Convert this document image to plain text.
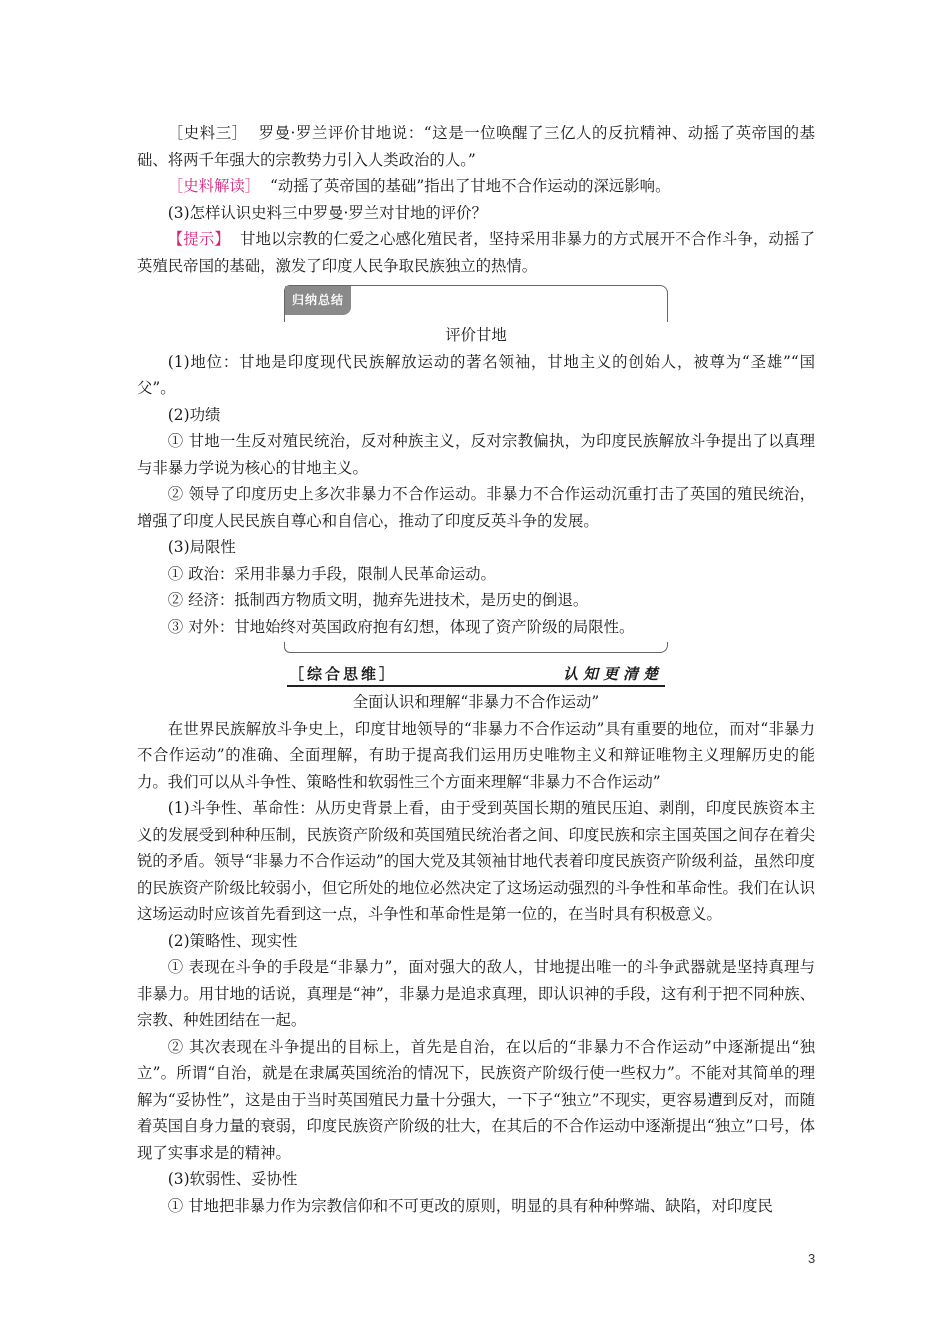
［史料三］ 罗曼·罗兰评价甘地说：“这是一位唤醒了三亿人的反抗精神、动摇了英帝国的基础、将两千年强大的宗教势力引入人类政治的人。”

［史料解读］ “动摇了英帝国的基础”指出了甘地不合作运动的深远影响。

(3)怎样认识史料三中罗曼·罗兰对甘地的评价？

【提示】 甘地以宗教的仁爱之心感化殖民者，坚持采用非暴力的方式展开不合作斗争，动摇了英殖民帝国的基础，激发了印度人民争取民族独立的热情。

归纳总结

评价甘地

(1)地位：甘地是印度现代民族解放运动的著名领袖，甘地主义的创始人，被尊为“圣雄”“国父”。

(2)功绩

① 甘地一生反对殖民统治，反对种族主义，反对宗教偏执，为印度民族解放斗争提出了以真理与非暴力学说为核心的甘地主义。

② 领导了印度历史上多次非暴力不合作运动。非暴力不合作运动沉重打击了英国的殖民统治，增强了印度人民民族自尊心和自信心，推动了印度反英斗争的发展。

(3)局限性

① 政治：采用非暴力手段，限制人民革命运动。

② 经济：抵制西方物质文明，抛弃先进技术，是历史的倒退。

③ 对外：甘地始终对英国政府抱有幻想，体现了资产阶级的局限性。

［综合思维］	认知更清楚

全面认识和理解“非暴力不合作运动”

在世界民族解放斗争史上，印度甘地领导的“非暴力不合作运动”具有重要的地位，而对“非暴力不合作运动”的准确、全面理解，有助于提高我们运用历史唯物主义和辩证唯物主义理解历史的能力。我们可以从斗争性、策略性和软弱性三个方面来理解“非暴力不合作运动”

(1)斗争性、革命性：从历史背景上看，由于受到英国长期的殖民压迫、剥削，印度民族资本主义的发展受到种种压制，民族资产阶级和英国殖民统治者之间、印度民族和宗主国英国之间存在着尖锐的矛盾。领导“非暴力不合作运动”的国大党及其领袖甘地代表着印度民族资产阶级利益，虽然印度的民族资产阶级比较弱小，但它所处的地位必然决定了这场运动强烈的斗争性和革命性。我们在认识这场运动时应该首先看到这一点，斗争性和革命性是第一位的，在当时具有积极意义。

(2)策略性、现实性

① 表现在斗争的手段是“非暴力”，面对强大的敌人，甘地提出唯一的斗争武器就是坚持真理与非暴力。用甘地的话说，真理是“神”，非暴力是追求真理，即认识神的手段，这有利于把不同种族、宗教、种姓团结在一起。

② 其次表现在斗争提出的目标上，首先是自治，在以后的“非暴力不合作运动”中逐渐提出“独立”。所谓“自治，就是在隶属英国统治的情况下，民族资产阶级行使一些权力”。不能对其简单的理解为“妥协性”，这是由于当时英国殖民力量十分强大，一下子“独立”不现实，更容易遭到反对，而随着英国自身力量的衰弱，印度民族资产阶级的壮大，在其后的不合作运动中逐渐提出“独立”口号，体现了实事求是的精神。

(3)软弱性、妥协性

① 甘地把非暴力作为宗教信仰和不可更改的原则，明显的具有种种弊端、缺陷，对印度民

3
